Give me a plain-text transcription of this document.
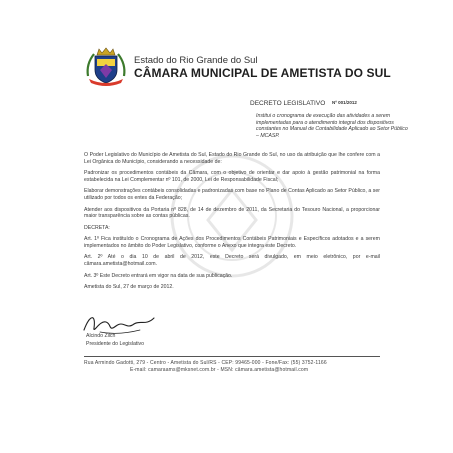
Estado do Rio Grande do Sul
CÂMARA MUNICIPAL DE AMETISTA DO SUL
DECRETO LEGISLATIVO Nº 001/2012
Institui o cronograma de execução das atividades a serem implementadas para o atendimento integral dos dispositivos constantes no Manual de Contabilidade Aplicado ao Setor Público – MCASP.

O Poder Legislativo do Município de Ametista do Sul, Estado do Rio Grande do Sul, no uso da atribuição que lhe confere com a Lei Orgânica do Município, considerando a necessidade de:

Padronizar os procedimentos contábeis da Câmara, com o objetivo de orientar e dar apoio à gestão patrimonial na forma estabelecida na Lei Complementar nº 101, de 2000, Lei de Responsabilidade Fiscal;

Elaborar demonstrações contábeis consolidadas e padronizadas com base no Plano de Contas Aplicado ao Setor Público, a ser utilizado por todos os entes da Federação;

Atender aos dispositivos da Portaria nº 828, de 14 de dezembro de 2011, da Secretaria do Tesouro Nacional, a proporcionar maior transparência sobre as contas públicas.

DECRETA:

Art. 1º Fica instituído o Cronograma de Ações dos Procedimentos Contábeis Patrimoniais e Específicos adotados e a serem implementados no âmbito do Poder Legislativo, conforme o Anexo que integra este Decreto.

Art. 2º Até o dia 10 de abril de 2012, este Decreto será divulgado, em meio eletrônico, por e-mail câmara.ametista@hotmail.com.

Art. 3º Este Decreto entrará em vigor na data de sua publicação.

Ametista do Sul, 27 de março de 2012.

Alcindo Zilch
Presidente do Legislativo
Rua Armindo Gadotti, 279 - Centro - Ametista do Sul/RS - CEP: 99465-000 - Fone/Fax: (55) 3752-1166
E-mail: camaraams@mksnet.com.br - MSN: câmara.ametista@hotmail.com
